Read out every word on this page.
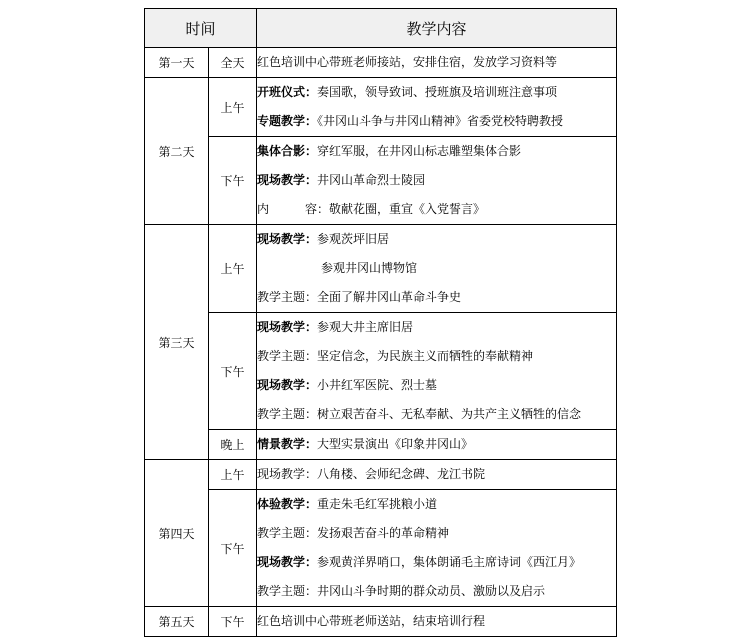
时间		教学内容
第一天	全天	红色培训中心带班老师接站，安排住宿，发放学习资料等

第二天	上午	开班仪式：奏国歌，领导致词、授班旗及培训班注意事项
专题教学：《井冈山斗争与井冈山精神》省委党校特聘教授

	下午	集体合影：穿红军服，在井冈山标志雕塑集体合影
现场教学：井冈山革命烈士陵园
内 容：敬献花圈，重宣《入党誓言》

第三天	上午	现场教学：参观茨坪旧居
参观井冈山博物馆
教学主题：全面了解井冈山革命斗争史

	下午	现场教学：参观大井主席旧居
教学主题：坚定信念，为民族主义而牺牲的奉献精神
现场教学：小井红军医院、烈士墓
教学主题：树立艰苦奋斗、无私奉献、为共产主义牺牲的信念

	晚上	情景教学：大型实景演出《印象井冈山》

第四天	上午	现场教学：八角楼、会师纪念碑、龙江书院

	下午	体验教学：重走朱毛红军挑粮小道
教学主题：发扬艰苦奋斗的革命精神
现场教学：参观黄洋界哨口，集体朗诵毛主席诗词《西江月》
教学主题：井冈山斗争时期的群众动员、激励以及启示

第五天	下午	红色培训中心带班老师送站，结束培训行程
